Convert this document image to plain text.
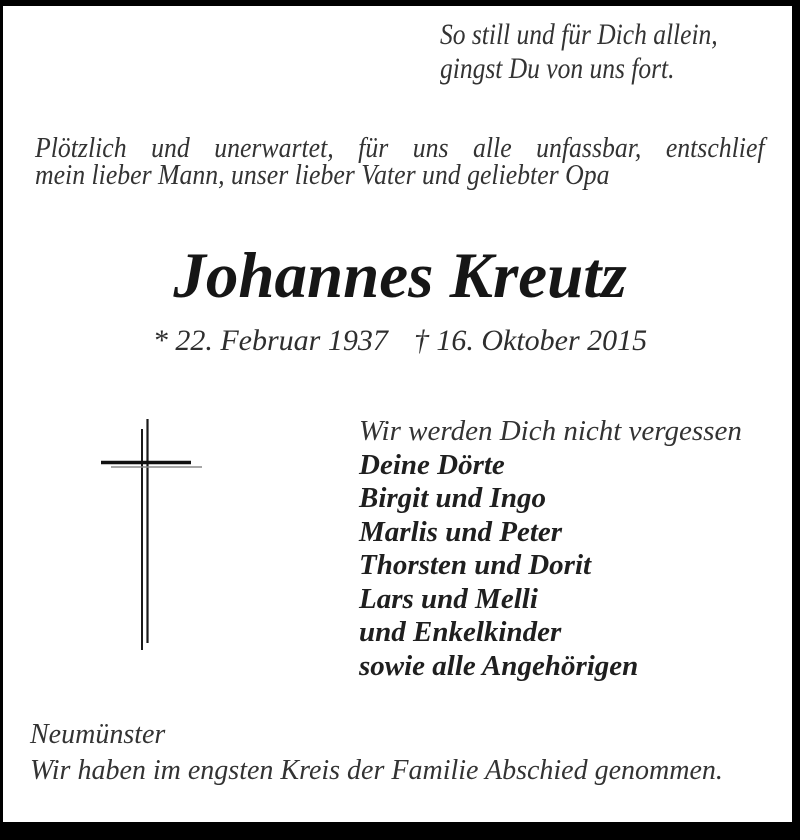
So still und für Dich allein,
gingst Du von uns fort.
Plötzlich und unerwartet, für uns alle unfassbar, entschlief
mein lieber Mann, unser lieber Vater und geliebter Opa
Johannes Kreutz
* 22. Februar 1937 † 16. Oktober 2015
Wir werden Dich nicht vergessen
Deine Dörte
Birgit und Ingo
Marlis und Peter
Thorsten und Dorit
Lars und Melli
und Enkelkinder
sowie alle Angehörigen
Neumünster
Wir haben im engsten Kreis der Familie Abschied genommen.
